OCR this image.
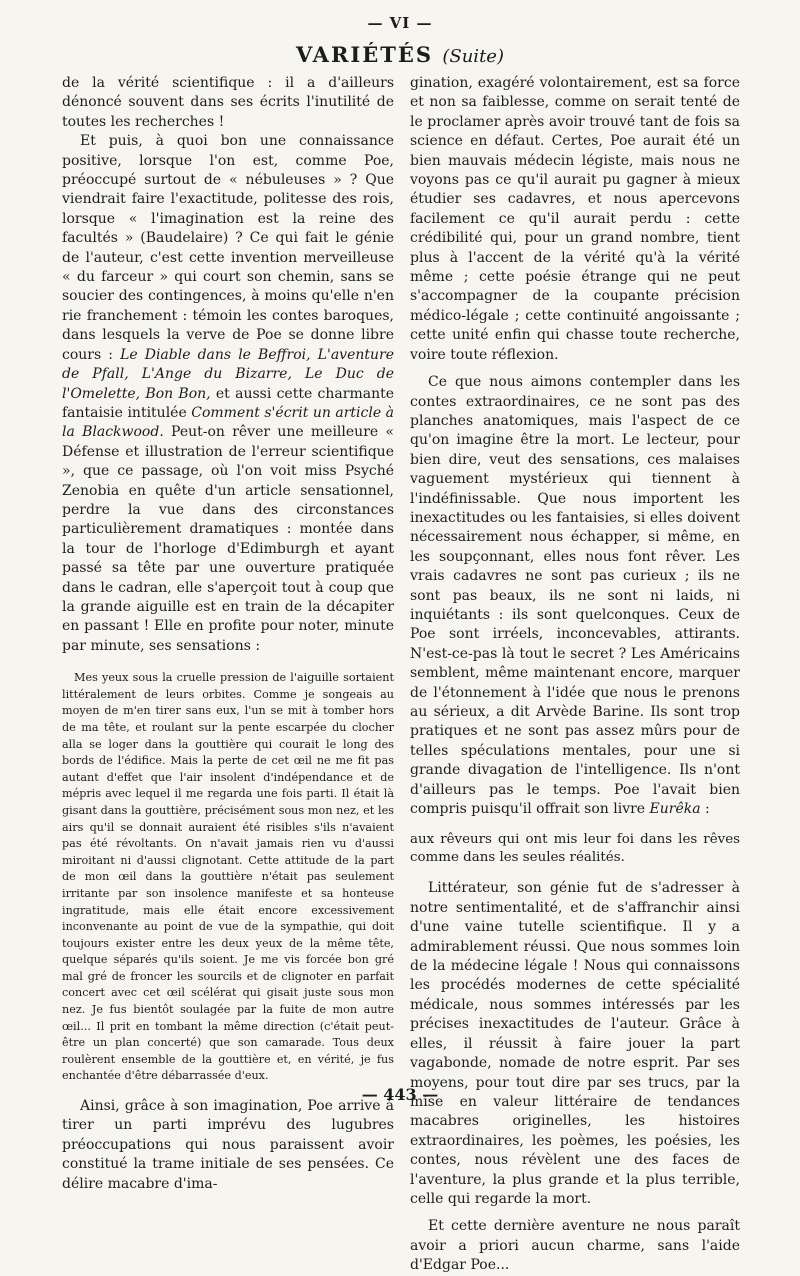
— VI —
VARIÉTÉS (Suite)

de la vérité scientifique : il a d'ailleurs dénoncé souvent dans ses écrits l'inutilité de toutes les recherches !

Et puis, à quoi bon une connaissance positive, lorsque l'on est, comme Poe, préoccupé surtout de « nébuleuses » ? Que viendrait faire l'exactitude, politesse des rois, lorsque « l'imagination est la reine des facultés » (Baudelaire) ? Ce qui fait le génie de l'auteur, c'est cette invention merveilleuse « du farceur » qui court son chemin, sans se soucier des contingences, à moins qu'elle n'en rie franchement : témoin les contes baroques, dans lesquels la verve de Poe se donne libre cours : Le Diable dans le Beffroi, L'aventure de Pfall, L'Ange du Bizarre, Le Duc de l'Omelette, Bon Bon, et aussi cette charmante fantaisie intitulée Comment s'écrit un article à la Blackwood. Peut-on rêver une meilleure « Défense et illustration de l'erreur scientifique », que ce passage, où l'on voit miss Psyché Zenobia en quête d'un article sensationnel, perdre la vue dans des circonstances particulièrement dramatiques : montée dans la tour de l'horloge d'Edimburgh et ayant passé sa tête par une ouverture pratiquée dans le cadran, elle s'aperçoit tout à coup que la grande aiguille est en train de la décapiter en passant ! Elle en profite pour noter, minute par minute, ses sensations :

Mes yeux sous la cruelle pression de l'aiguille sortaient littéralement de leurs orbites. Comme je songeais au moyen de m'en tirer sans eux, l'un se mit à tomber hors de ma tête, et roulant sur la pente escarpée du clocher alla se loger dans la gouttière qui courait le long des bords de l'édifice. Mais la perte de cet œil ne me fit pas autant d'effet que l'air insolent d'indépendance et de mépris avec lequel il me regarda une fois parti. Il était là gisant dans la gouttière, précisément sous mon nez, et les airs qu'il se donnait auraient été risibles s'ils n'avaient pas été révoltants. On n'avait jamais rien vu d'aussi miroitant ni d'aussi clignotant. Cette attitude de la part de mon œil dans la gouttière n'était pas seulement irritante par son insolence manifeste et sa honteuse ingratitude, mais elle était encore excessivement inconvenante au point de vue de la sympathie, qui doit toujours exister entre les deux yeux de la même tête, quelque séparés qu'ils soient. Je me vis forcée bon gré mal gré de froncer les sourcils et de clignoter en parfait concert avec cet œil scélérat qui gisait juste sous mon nez. Je fus bientôt soulagée par la fuite de mon autre œil... Il prit en tombant la même direction (c'était peut-être un plan concerté) que son camarade. Tous deux roulèrent ensemble de la gouttière et, en vérité, je fus enchantée d'être débarrassée d'eux.

Ainsi, grâce à son imagination, Poe arrive à tirer un parti imprévu des lugubres préoccupations qui nous paraissent avoir constitué la trame initiale de ses pensées. Ce délire macabre d'ima-

gination, exagéré volontairement, est sa force et non sa faiblesse, comme on serait tenté de le proclamer après avoir trouvé tant de fois sa science en défaut. Certes, Poe aurait été un bien mauvais médecin légiste, mais nous ne voyons pas ce qu'il aurait pu gagner à mieux étudier ses cadavres, et nous apercevons facilement ce qu'il aurait perdu : cette crédibilité qui, pour un grand nombre, tient plus à l'accent de la vérité qu'à la vérité même ; cette poésie étrange qui ne peut s'accompagner de la coupante précision médico-légale ; cette continuité angoissante ; cette unité enfin qui chasse toute recherche, voire toute réflexion.

Ce que nous aimons contempler dans les contes extraordinaires, ce ne sont pas des planches anatomiques, mais l'aspect de ce qu'on imagine être la mort. Le lecteur, pour bien dire, veut des sensations, ces malaises vaguement mystérieux qui tiennent à l'indéfinissable. Que nous importent les inexactitudes ou les fantaisies, si elles doivent nécessairement nous échapper, si même, en les soupçonnant, elles nous font rêver. Les vrais cadavres ne sont pas curieux ; ils ne sont pas beaux, ils ne sont ni laids, ni inquiétants : ils sont quelconques. Ceux de Poe sont irréels, inconcevables, attirants. N'est-ce-pas là tout le secret ? Les Américains semblent, même maintenant encore, marquer de l'étonnement à l'idée que nous le prenons au sérieux, a dit Arvède Barine. Ils sont trop pratiques et ne sont pas assez mûrs pour de telles spéculations mentales, pour une si grande divagation de l'intelligence. Ils n'ont d'ailleurs pas le temps. Poe l'avait bien compris puisqu'il offrait son livre Eurêka :

aux rêveurs qui ont mis leur foi dans les rêves comme dans les seules réalités.

Littérateur, son génie fut de s'adresser à notre sentimentalité, et de s'affranchir ainsi d'une vaine tutelle scientifique. Il y a admirablement réussi. Que nous sommes loin de la médecine légale ! Nous qui connaissons les procédés modernes de cette spécialité médicale, nous sommes intéressés par les précises inexactitudes de l'auteur. Grâce à elles, il réussit à faire jouer la part vagabonde, nomade de notre esprit. Par ses moyens, pour tout dire par ses trucs, par la mise en valeur littéraire de tendances macabres originelles, les histoires extraordinaires, les poèmes, les poésies, les contes, nous révèlent une des faces de l'aventure, la plus grande et la plus terrible, celle qui regarde la mort.

Et cette dernière aventure ne nous paraît avoir a priori aucun charme, sans l'aide d'Edgar Poe...

— 443 —
